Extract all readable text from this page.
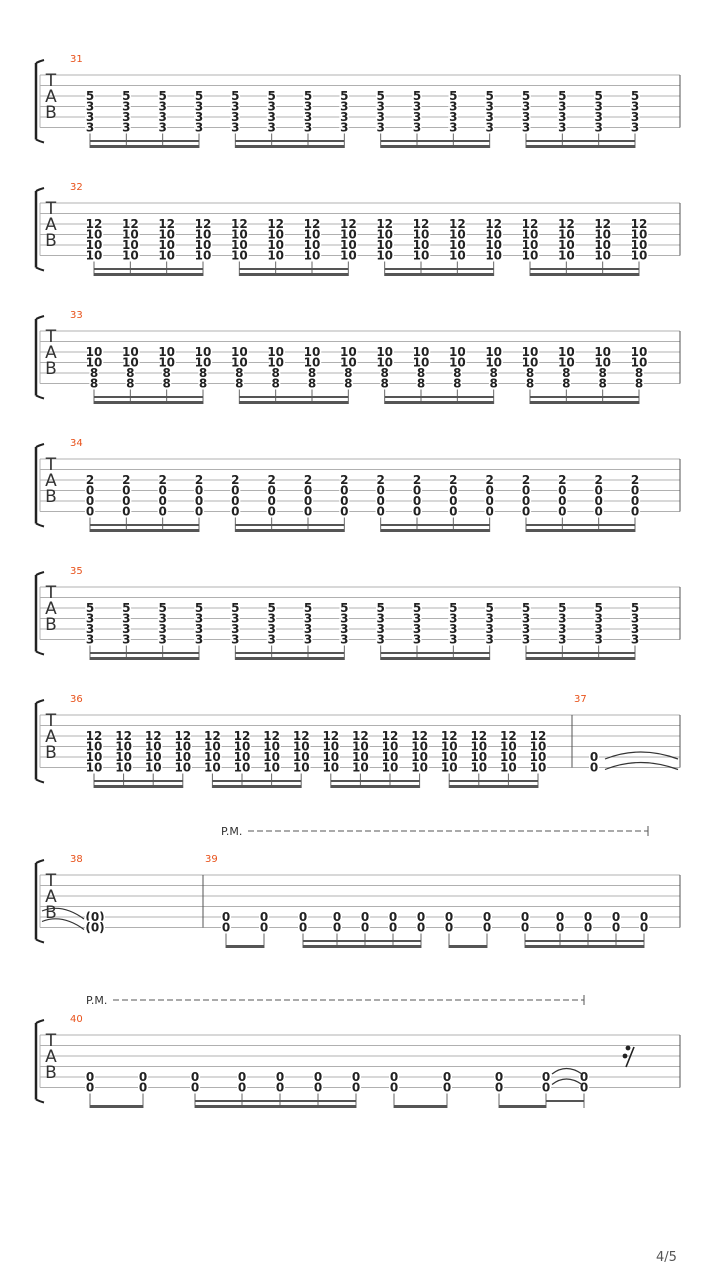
T
A
B
31
5
3
3
3
5
3
3
3
5
3
3
3
5
3
3
3
5
3
3
3
5
3
3
3
5
3
3
3
5
3
3
3
5
3
3
3
5
3
3
3
5
3
3
3
5
3
3
3
5
3
3
3
5
3
3
3
5
3
3
3
5
3
3
3
T
A
B
32
12
10
10
10
12
10
10
10
12
10
10
10
12
10
10
10
12
10
10
10
12
10
10
10
12
10
10
10
12
10
10
10
12
10
10
10
12
10
10
10
12
10
10
10
12
10
10
10
12
10
10
10
12
10
10
10
12
10
10
10
12
10
10
10
T
A
B
33
10
10
8
8
10
10
8
8
10
10
8
8
10
10
8
8
10
10
8
8
10
10
8
8
10
10
8
8
10
10
8
8
10
10
8
8
10
10
8
8
10
10
8
8
10
10
8
8
10
10
8
8
10
10
8
8
10
10
8
8
10
10
8
8
T
A
B
34
2
0
0
0
2
0
0
0
2
0
0
0
2
0
0
0
2
0
0
0
2
0
0
0
2
0
0
0
2
0
0
0
2
0
0
0
2
0
0
0
2
0
0
0
2
0
0
0
2
0
0
0
2
0
0
0
2
0
0
0
2
0
0
0
T
A
B
35
5
3
3
3
5
3
3
3
5
3
3
3
5
3
3
3
5
3
3
3
5
3
3
3
5
3
3
3
5
3
3
3
5
3
3
3
5
3
3
3
5
3
3
3
5
3
3
3
5
3
3
3
5
3
3
3
5
3
3
3
5
3
3
3
T
A
B
36
12
10
10
10
12
10
10
10
12
10
10
10
12
10
10
10
12
10
10
10
12
10
10
10
12
10
10
10
12
10
10
10
12
10
10
10
12
10
10
10
12
10
10
10
12
10
10
10
12
10
10
10
12
10
10
10
12
10
10
10
12
10
10
10
37
0
0
T
A
B
P.M.
38
(0)
(0)
39
0
0
0
0
0
0
0
0
0
0
0
0
0
0
0
0
0
0
0
0
0
0
0
0
0
0
0
0
T
A
B
P.M.
40
0
0
0
0
0
0
0
0
0
0
0
0
0
0
0
0
0
0
0
0
0
0
0
0
4/5
